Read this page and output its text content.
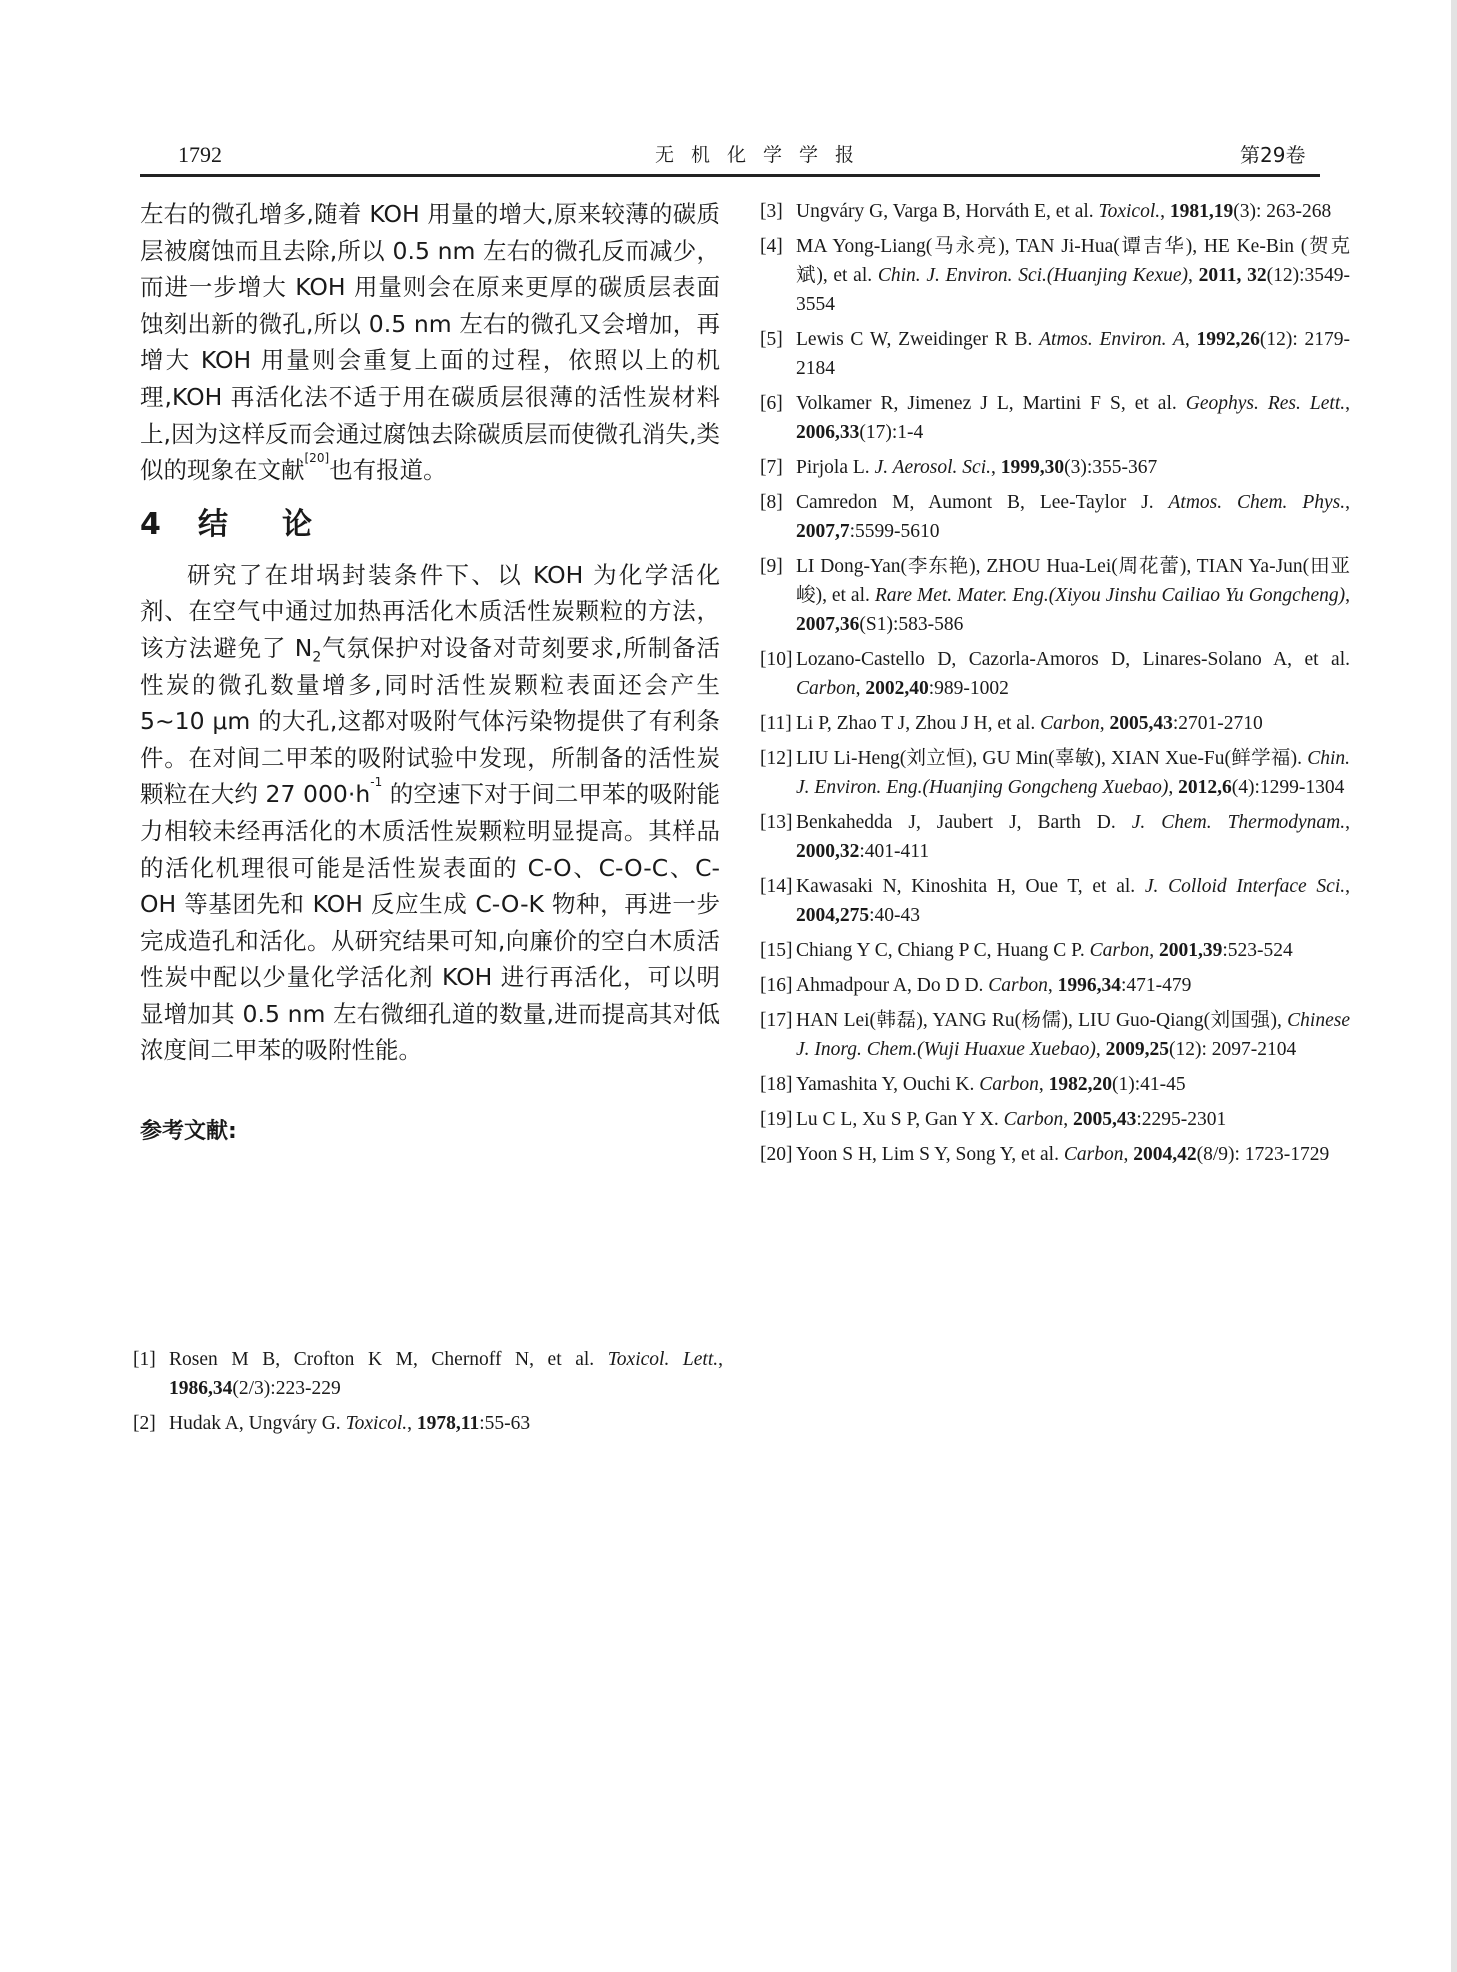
1792	无机化学学报	第29卷

左右的微孔增多,随着 KOH 用量的增大,原来较薄的碳质层被腐蚀而且去除,所以 0.5 nm 左右的微孔反而减少，而进一步增大 KOH 用量则会在原来更厚的碳质层表面蚀刻出新的微孔,所以 0.5 nm 左右的微孔又会增加，再增大 KOH 用量则会重复上面的过程，依照以上的机理,KOH 再活化法不适于用在碳质层很薄的活性炭材料上,因为这样反而会通过腐蚀去除碳质层而使微孔消失,类似的现象在文献[20]也有报道。

4 结 论

研究了在坩埚封装条件下、以 KOH 为化学活化剂、在空气中通过加热再活化木质活性炭颗粒的方法，该方法避免了 $N_2$气氛保护对设备对苛刻要求,所制备活性炭的微孔数量增多,同时活性炭颗粒表面还会产生 5~10 μm 的大孔,这都对吸附气体污染物提供了有利条件。在对间二甲苯的吸附试验中发现，所制备的活性炭颗粒在大约 27 $000\cdot h^{-1}$ 的空速下对于间二甲苯的吸附能力相较未经再活化的木质活性炭颗粒明显提高。其样品的活化机理很可能是活性炭表面的 C-O、C-O-C、C-OH 等基团先和 KOH 反应生成 C-O-K 物种，再进一步完成造孔和活化。从研究结果可知,向廉价的空白木质活性炭中配以少量化学活化剂 KOH 进行再活化，可以明显增加其 0.5 nm 左右微细孔道的数量,进而提高其对低浓度间二甲苯的吸附性能。

参考文献:

[1] Rosen M B, Crofton K M, Chernoff N, et al. Toxicol. Lett., 1986,34(2/3):223-229

[2] Hudak A, Ungváry G. Toxicol., 1978,11:55-63

[3] Ungváry G, Varga B, Horváth E, et al. Toxicol., 1981,19(3): 263-268

[4] MA Yong-Liang(马永亮), TAN Ji-Hua(谭吉华), HE Ke-Bin (贺克斌), et al. Chin. J. Environ. Sci.(Huanjing Kexue), 2011, 32(12):3549-3554

[5] Lewis C W, Zweidinger R B. Atmos. Environ. A, 1992,26(12): 2179-2184

[6] Volkamer R, Jimenez J L, Martini F S, et al. Geophys. Res. Lett., 2006,33(17):1-4

[7] Pirjola L. J. Aerosol. Sci., 1999,30(3):355-367

[8] Camredon M, Aumont B, Lee-Taylor J. Atmos. Chem. Phys., 2007,7:5599-5610

[9] LI Dong-Yan(李东艳), ZHOU Hua-Lei(周花蕾), TIAN Ya-Jun(田亚峻), et al. Rare Met. Mater. Eng.(Xiyou Jinshu Cailiao Yu Gongcheng), 2007,36(S1):583-586

[10] Lozano-Castello D, Cazorla-Amoros D, Linares-Solano A, et al. Carbon, 2002,40:989-1002

[11] Li P, Zhao T J, Zhou J H, et al. Carbon, 2005,43:2701-2710

[12] LIU Li-Heng(刘立恒), GU Min(辜敏), XIAN Xue-Fu(鲜学福). Chin. J. Environ. Eng.(Huanjing Gongcheng Xuebao), 2012,6(4):1299-1304

[13] Benkahedda J, Jaubert J, Barth D. J. Chem. Thermodynam., 2000,32:401-411

[14] Kawasaki N, Kinoshita H, Oue T, et al. J. Colloid Interface Sci., 2004,275:40-43

[15] Chiang Y C, Chiang P C, Huang C P. Carbon, 2001,39:523-524

[16] Ahmadpour A, Do D D. Carbon, 1996,34:471-479

[17] HAN Lei(韩磊), YANG Ru(杨儒), LIU Guo-Qiang(刘国强), Chinese J. Inorg. Chem.(Wuji Huaxue Xuebao), 2009,25(12): 2097-2104

[18] Yamashita Y, Ouchi K. Carbon, 1982,20(1):41-45

[19] Lu C L, Xu S P, Gan Y X. Carbon, 2005,43:2295-2301

[20] Yoon S H, Lim S Y, Song Y, et al. Carbon, 2004,42(8/9): 1723-1729
